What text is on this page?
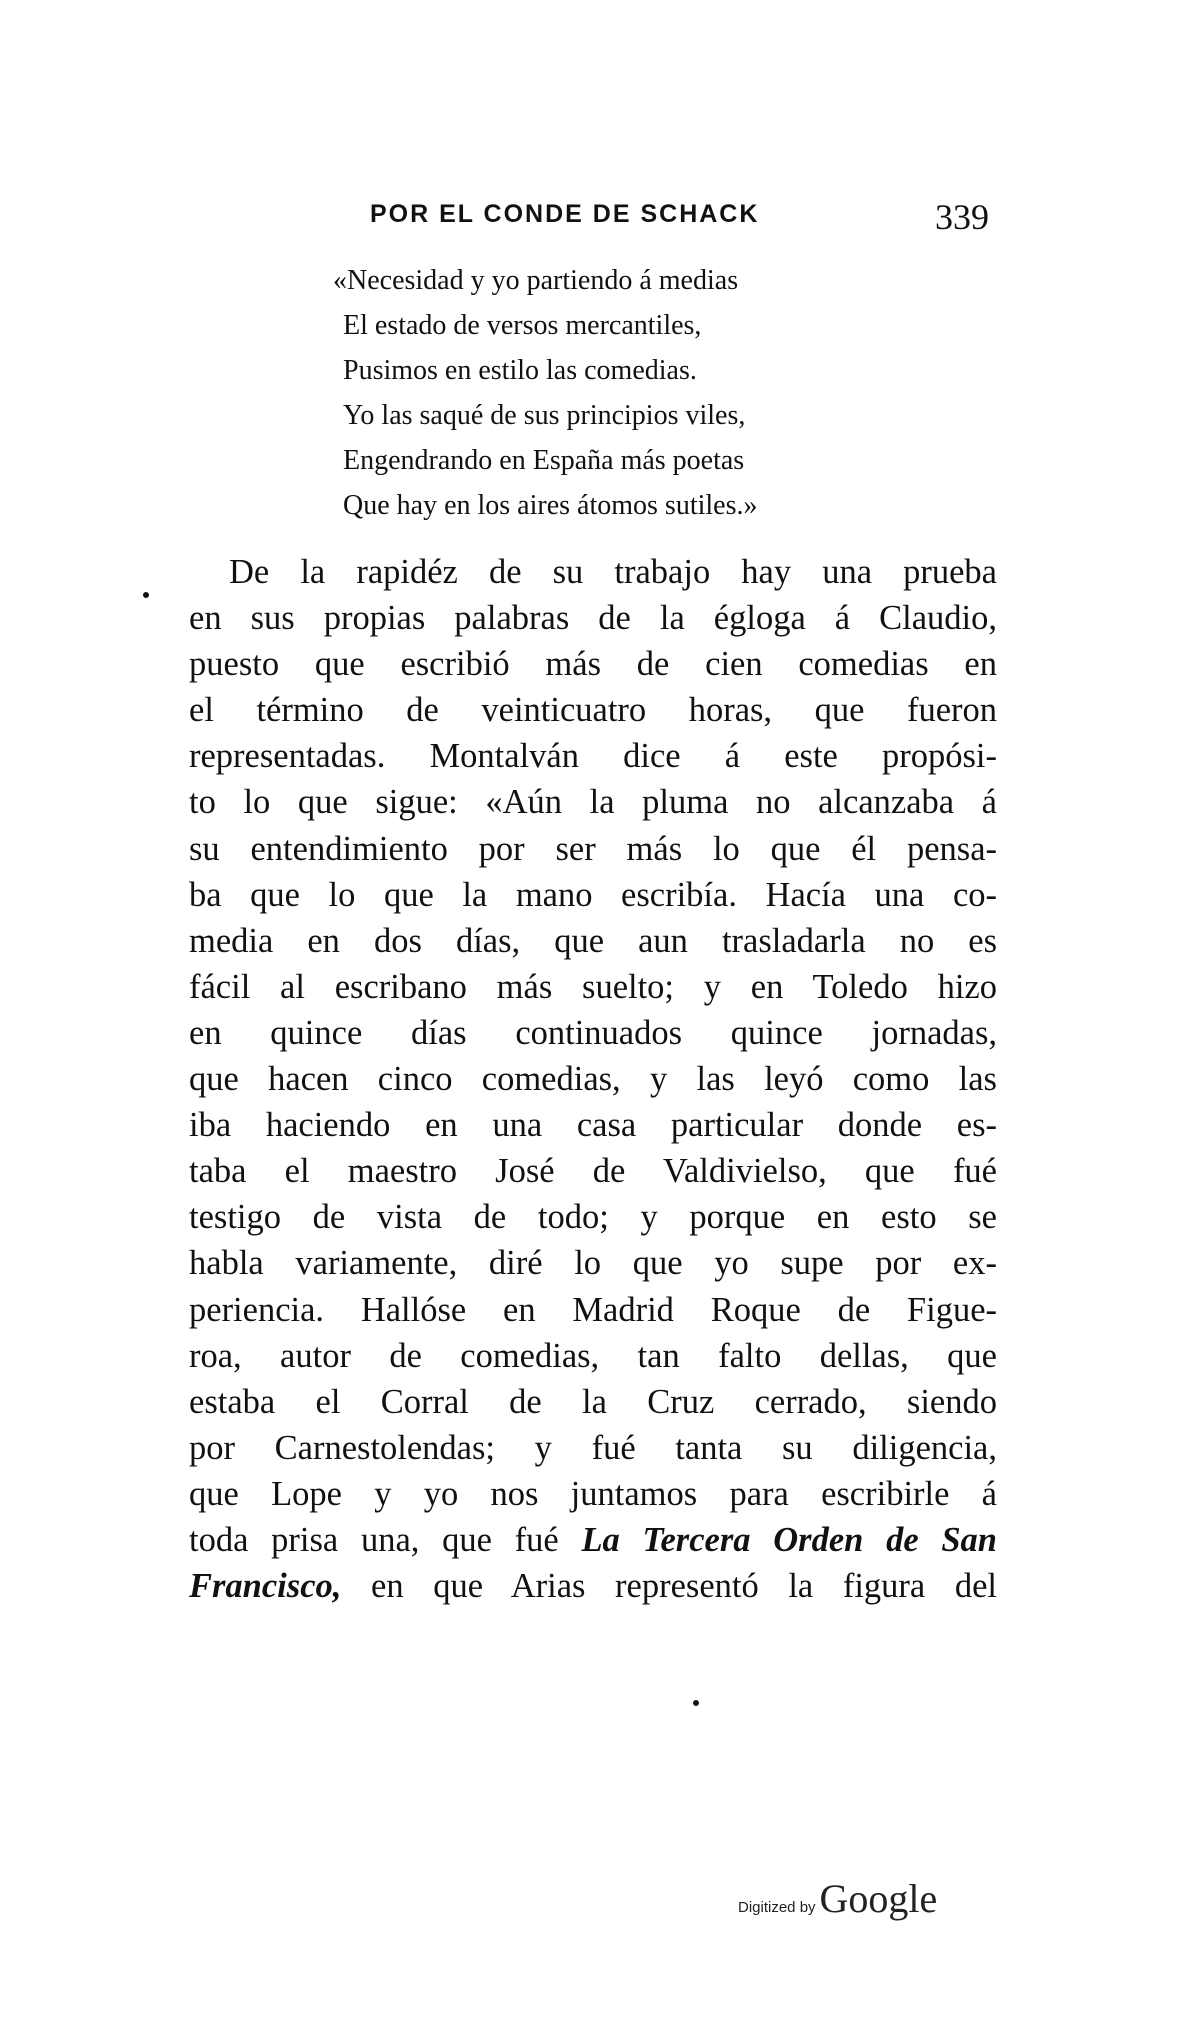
POR EL CONDE DE SCHACK	339
«Necesidad y yo partiendo á medias
El estado de versos mercantiles,
Pusimos en estilo las comedias.
Yo las saqué de sus principios viles,
Engendrando en España más poetas
Que hay en los aires átomos sutiles.»
De la rapidéz de su trabajo hay una prueba
en sus propias palabras de la égloga á Claudio,
puesto que escribió más de cien comedias en
el término de veinticuatro horas, que fueron
representadas. Montalván dice á este propósi-
to lo que sigue: «Aún la pluma no alcanzaba á
su entendimiento por ser más lo que él pensa-
ba que lo que la mano escribía. Hacía una co-
media en dos días, que aun trasladarla no es
fácil al escribano más suelto; y en Toledo hizo
en quince días continuados quince jornadas,
que hacen cinco comedias, y las leyó como las
iba haciendo en una casa particular donde es-
taba el maestro José de Valdivielso, que fué
testigo de vista de todo; y porque en esto se
habla variamente, diré lo que yo supe por ex-
periencia. Hallóse en Madrid Roque de Figue-
roa, autor de comedias, tan falto dellas, que
estaba el Corral de la Cruz cerrado, siendo
por Carnestolendas; y fué tanta su diligencia,
que Lope y yo nos juntamos para escribirle á
toda prisa una, que fué La Tercera Orden de San
Francisco, en que Arias representó la figura del
Digitized by Google
